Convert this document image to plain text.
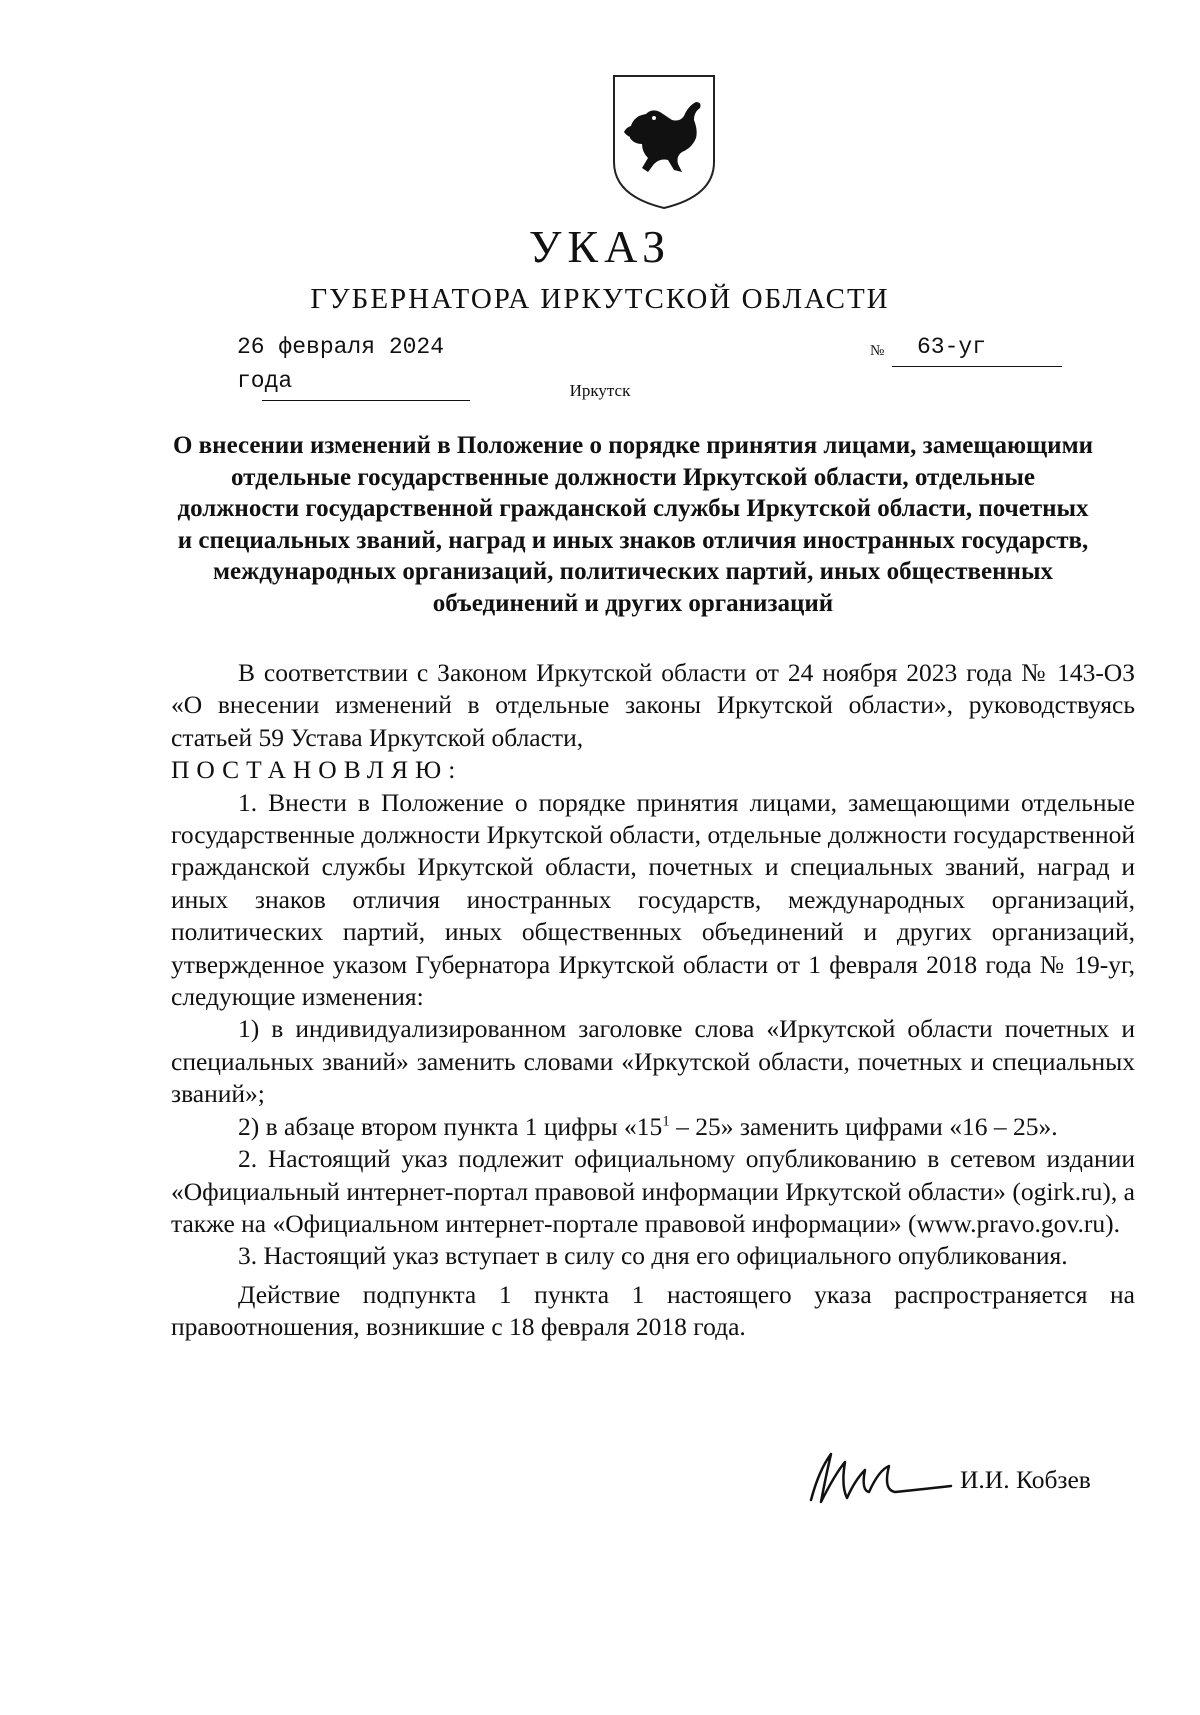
УКАЗ
ГУБЕРНАТОРА ИРКУТСКОЙ ОБЛАСТИ
26 февраля 2024 года
№	63-уг
Иркутск
О внесении изменений в Положение о порядке принятия лицами, замещающими отдельные государственные должности Иркутской области, отдельные должности государственной гражданской службы Иркутской области, почетных и специальных званий, наград и иных знаков отличия иностранных государств, международных организаций, политических партий, иных общественных объединений и других организаций

В соответствии с Законом Иркутской области от 24 ноября 2023 года № 143-ОЗ «О внесении изменений в отдельные законы Иркутской области», руководствуясь статьей 59 Устава Иркутской области,

ПОСТАНОВЛЯЮ:

1. Внести в Положение о порядке принятия лицами, замещающими отдельные государственные должности Иркутской области, отдельные должности государственной гражданской службы Иркутской области, почетных и специальных званий, наград и иных знаков отличия иностранных государств, международных организаций, политических партий, иных общественных объединений и других организаций, утвержденное указом Губернатора Иркутской области от 1 февраля 2018 года № 19-уг, следующие изменения:

1) в индивидуализированном заголовке слова «Иркутской области почетных и специальных званий» заменить словами «Иркутской области, почетных и специальных званий»;

2) в абзаце втором пункта 1 цифры «$15^1 - 25$» заменить цифрами «16 – 25».

2. Настоящий указ подлежит официальному опубликованию в сетевом издании «Официальный интернет-портал правовой информации Иркутской области» (ogirk.ru), а также на «Официальном интернет-портале правовой информации» (www.pravo.gov.ru).

3. Настоящий указ вступает в силу со дня его официального опубликования.

Действие подпункта 1 пункта 1 настоящего указа распространяется на правоотношения, возникшие с 18 февраля 2018 года.

И.И. Кобзев
